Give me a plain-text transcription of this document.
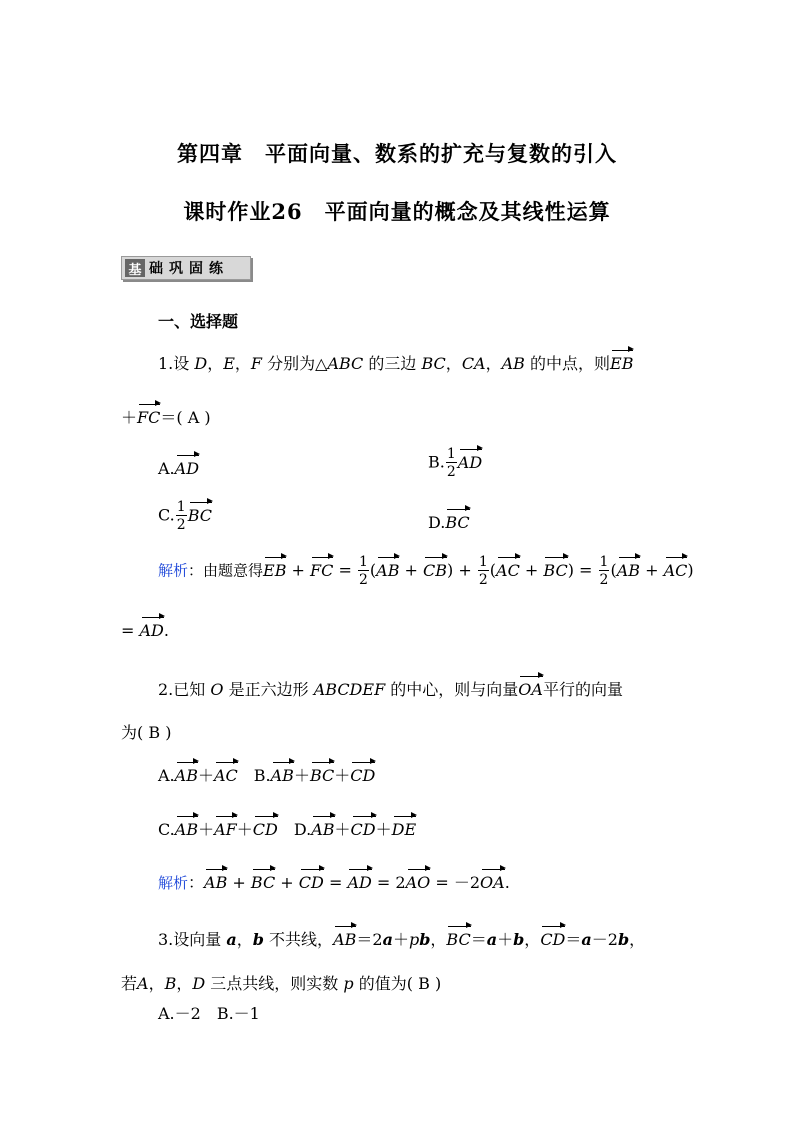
第四章　平面向量、数系的扩充与复数的引入
课时作业26　平面向量的概念及其线性运算
基 础巩固练
一、选择题
1.设 D，E，F 分别为△ABC 的三边 BC，CA，AB 的中点，则EB
＋FC＝( A )
A.AD	B. $\frac{1}{2}$ AD
C. $\frac{1}{2}$ BC	D.BC
解析：由题意得EB + FC = $\frac{1}{2} (AB + CB) + \frac{1}{2} (AC + BC) = \frac{1}{2} (AB + AC)$
= AD.
2.已知 O 是正六边形 ABCDEF 的中心，则与向量OA平行的向量
为( B )
A.AB＋AC　 B.AB＋BC＋CD
C.AB＋AF＋CD　 D.AB＋CD＋DE
解析：AB + BC + CD = AD = 2AO = －2OA.
3.设向量 a，b 不共线，AB＝2a＋pb，BC＝a＋b，CD＝a－2b，
若A，B，D 三点共线，则实数 p 的值为( B )
A.－2　B.－1
